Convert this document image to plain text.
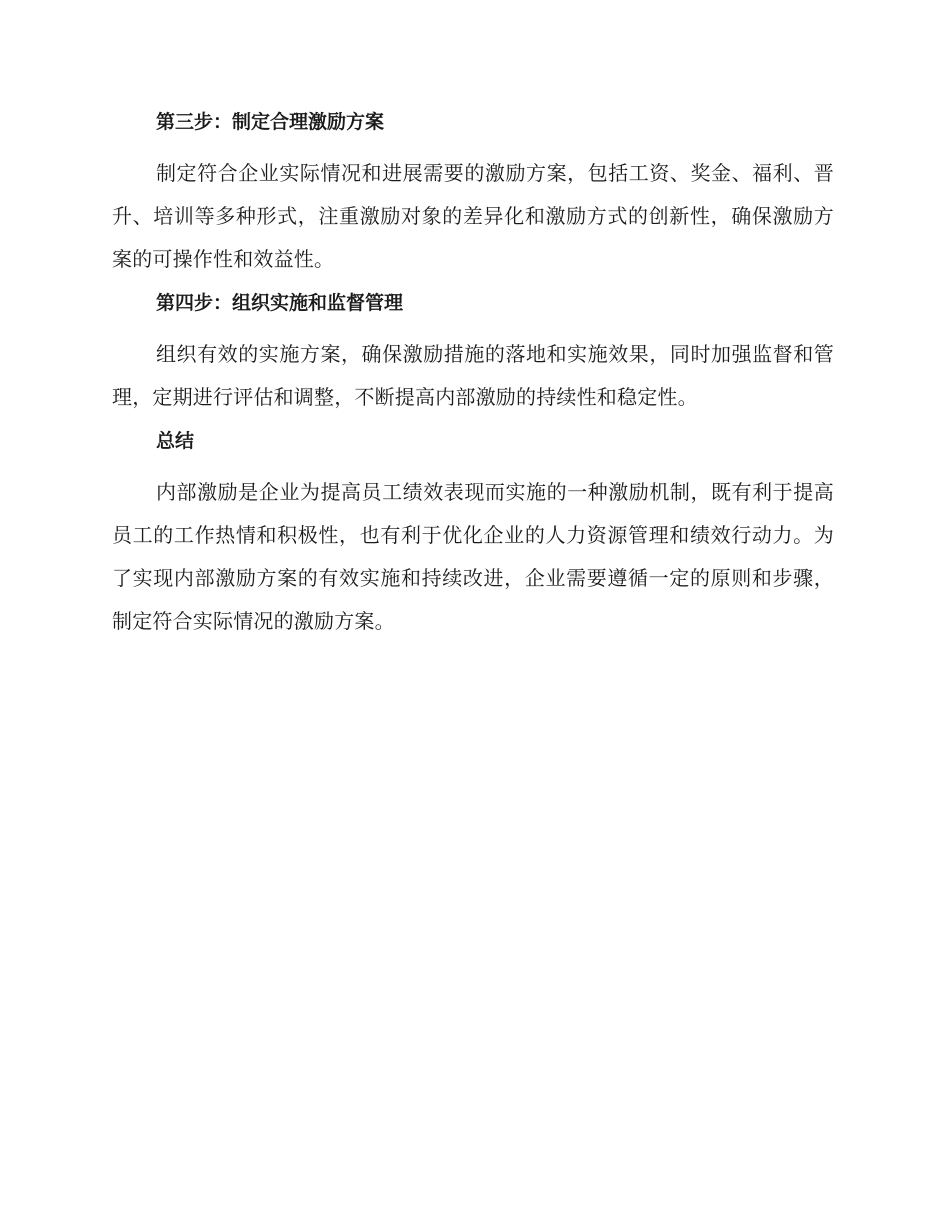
第三步：制定合理激励方案

制定符合企业实际情况和进展需要的激励方案，包括工资、奖金、福利、晋升、培训等多种形式，注重激励对象的差异化和激励方式的创新性，确保激励方案的可操作性和效益性。

第四步：组织实施和监督管理

组织有效的实施方案，确保激励措施的落地和实施效果，同时加强监督和管理，定期进行评估和调整，不断提高内部激励的持续性和稳定性。

总结

内部激励是企业为提高员工绩效表现而实施的一种激励机制，既有利于提高员工的工作热情和积极性，也有利于优化企业的人力资源管理和绩效行动力。为了实现内部激励方案的有效实施和持续改进，企业需要遵循一定的原则和步骤，制定符合实际情况的激励方案。
